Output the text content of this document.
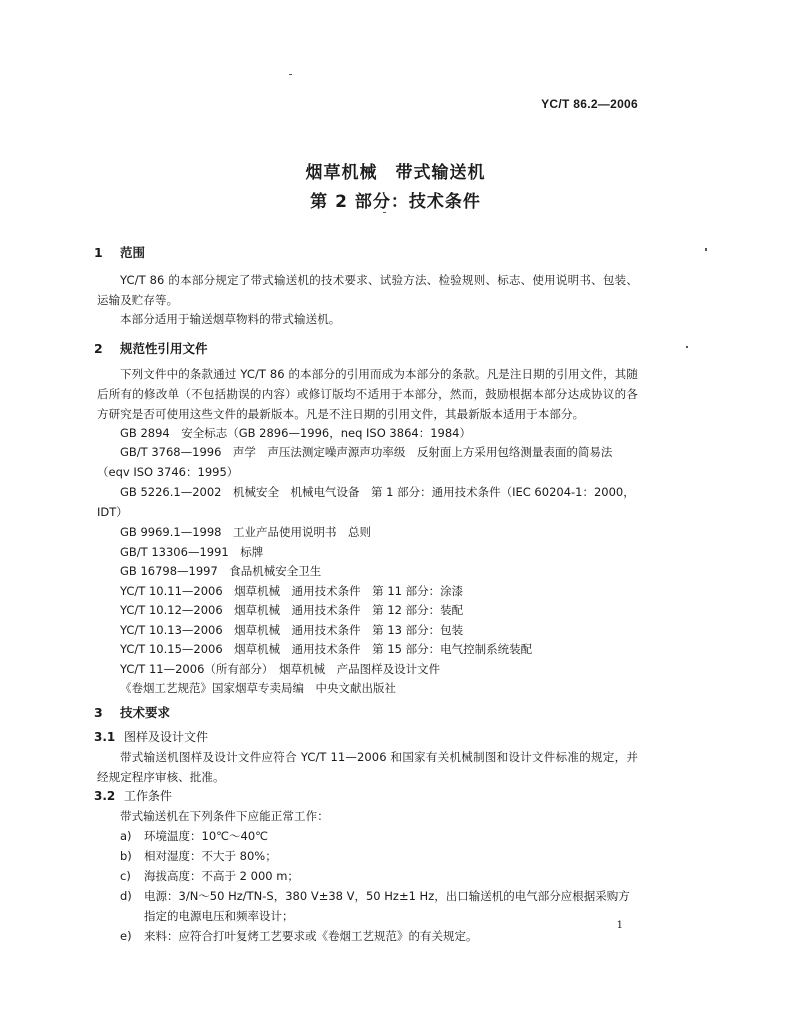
YC/T 86.2—2006
烟草机械　带式输送机
第 2 部分：技术条件
1 范围
YC/T 86 的本部分规定了带式输送机的技术要求、试验方法、检验规则、标志、使用说明书、包装、运输及贮存等。
本部分适用于输送烟草物料的带式输送机。
2 规范性引用文件
下列文件中的条款通过 YC/T 86 的本部分的引用而成为本部分的条款。凡是注日期的引用文件，其随后所有的修改单（不包括勘误的内容）或修订版均不适用于本部分，然而，鼓励根据本部分达成协议的各方研究是否可使用这些文件的最新版本。凡是不注日期的引用文件，其最新版本适用于本部分。
GB 2894　安全标志（GB 2896—1996，neq ISO 3864：1984）
GB/T 3768—1996　声学　声压法测定噪声源声功率级　反射面上方采用包络测量表面的简易法（eqv ISO 3746：1995）
GB 5226.1—2002　机械安全　机械电气设备　第 1 部分：通用技术条件（IEC 60204-1：2000，IDT）
GB 9969.1—1998　工业产品使用说明书　总则
GB/T 13306—1991　标牌
GB 16798—1997　食品机械安全卫生
YC/T 10.11—2006　烟草机械　通用技术条件　第 11 部分：涂漆
YC/T 10.12—2006　烟草机械　通用技术条件　第 12 部分：装配
YC/T 10.13—2006　烟草机械　通用技术条件　第 13 部分：包装
YC/T 10.15—2006　烟草机械　通用技术条件　第 15 部分：电气控制系统装配
YC/T 11—2006（所有部分）　烟草机械　产品图样及设计文件
《卷烟工艺规范》国家烟草专卖局编　中央文献出版社
3 技术要求
3.1 图样及设计文件
带式输送机图样及设计文件应符合 YC/T 11—2006 和国家有关机械制图和设计文件标准的规定，并经规定程序审核、批准。
3.2 工作条件
带式输送机在下列条件下应能正常工作：
a)	环境温度：10℃～40℃
b)	相对湿度：不大于 80%；
c)	海拔高度：不高于 2 000 m；
d)	电源：3/N～50 Hz/TN-S，380 V±38 V，50 Hz±1 Hz，出口输送机的电气部分应根据采购方指定的电源电压和频率设计；
e)	来料：应符合打叶复烤工艺要求或《卷烟工艺规范》的有关规定。
1
